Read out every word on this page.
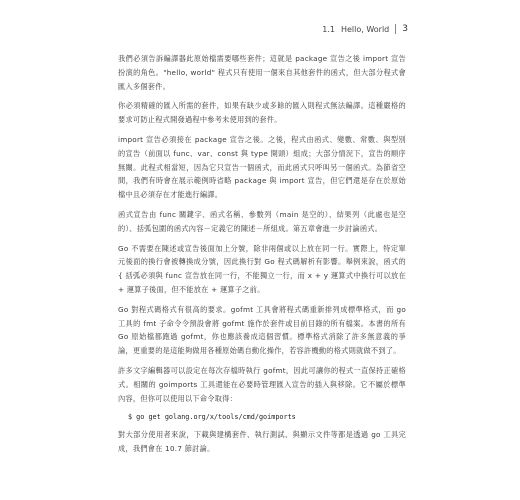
1.1 Hello, World 3

我們必須告訴編譯器此原始檔需要哪些套件；這就是 package 宣告之後 import 宣告扮演的角色。"hello, world" 程式只有使用一個來自其他套件的函式，但大部分程式會匯入多個套件。

你必須精確的匯入所需的套件，如果有缺少或多餘的匯入則程式無法編譯。這種嚴格的要求可防止程式開發過程中參考未使用到的套件。

import 宣告必須接在 package 宣告之後。之後，程式由函式、變數、常數、與型別的宣告（前面以 func、var、const 與 type 開頭）組成；大部分情況下，宣告的順序無關。此程式相當短，因為它只宣告一個函式，而此函式只呼叫另一個函式。為節省空間，我們有時會在展示範例時省略 package 與 import 宣告，但它們還是存在於原始檔中且必須存在才能進行編譯。

函式宣告由 func 關鍵字、函式名稱、參數列（main 是空的）、結果列（此處也是空的）、括弧包圍的函式內容－定義它的陳述－所組成。第五章會進一步討論函式。

Go 不需要在陳述或宣告後面加上分號，除非兩個或以上放在同一行。實際上，特定單元後面的換行會被轉換成分號，因此換行對 Go 程式碼解析有影響。舉例來說，函式的 { 括弧必須與 func 宣告放在同一行，不能獨立一行，而 x + y 運算式中換行可以放在 + 運算子後面，但不能放在 + 運算子之前。

Go 對程式碼格式有很高的要求。gofmt 工具會將程式碼重新排列成標準格式，而 go 工具的 fmt 子命令令預設會將 gofmt 施作於套件或目前目錄的所有檔案。本書的所有 Go 原始檔都跑過 gofmt，你也應該養成這個習慣。標準格式消除了許多無意義的爭論，更重要的是這能夠做用各種原始碼自動化操作，若容許機動的格式則就做不到了。

許多文字編輯器可以設定在每次存檔時執行 gofmt，因此可讓你的程式一直保持正確格式。相關的 goimports 工具還能在必要時管理匯入宣告的插入與移除。它不屬於標準內容，但你可以使用以下命令取得：

$ go get golang.org/x/tools/cmd/goimports

對大部分使用者來說，下載與建構套件、執行測試、與顯示文件等都是透過 go 工具完成，我們會在 10.7 節討論。
